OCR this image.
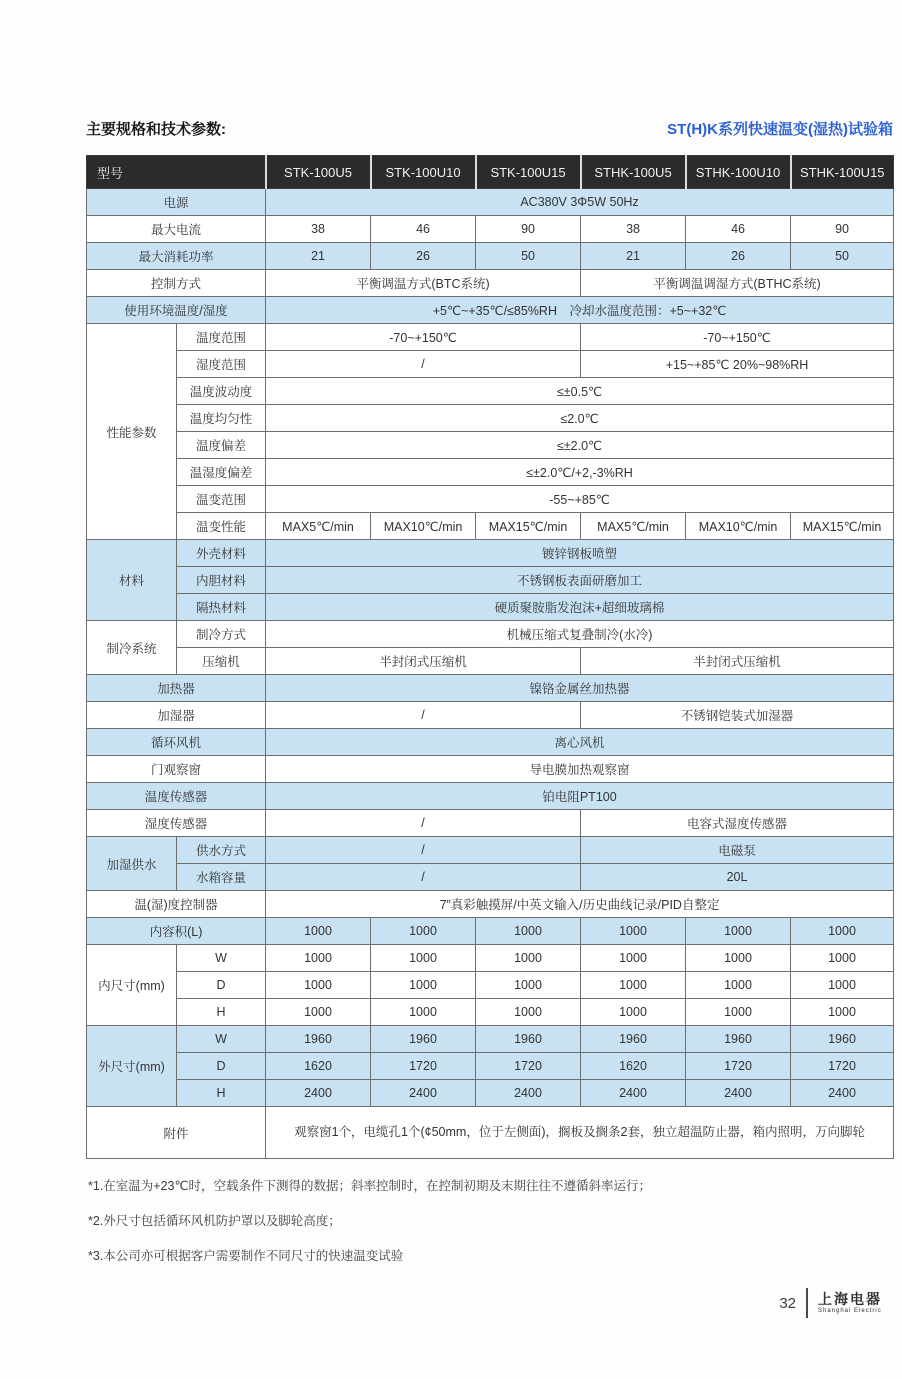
主要规格和技术参数:	ST(H)K系列快速温变(湿热)试验箱
型号		STK-100U5	STK-100U10	STK-100U15	STHK-100U5	STHK-100U10	STHK-100U15
电源		AC380V 3Φ5W 50Hz					
最大电流		38	46	90	38	46	90
最大消耗功率		21	26	50	21	26	50
控制方式		平衡调温方式(BTC系统)			平衡调温调湿方式(BTHC系统)		
使用环境温度/湿度		+5℃~+35℃/≤85%RH　冷却水温度范围：+5~+32℃					
性能参数	温度范围	-70~+150℃			-70~+150℃		
	湿度范围	/			+15~+85℃ 20%~98%RH		
	温度波动度	≤±0.5℃					
	温度均匀性	≤2.0℃					
	温度偏差	≤±2.0℃					
	温湿度偏差	≤±2.0℃/+2,-3%RH					
	温变范围	-55~+85℃					
	温变性能	MAX5℃/min	MAX10℃/min	MAX15℃/min	MAX5℃/min	MAX10℃/min	MAX15℃/min
材料	外壳材料	镀锌钢板喷塑					
	内胆材料	不锈钢板表面研磨加工					
	隔热材料	硬质聚胺脂发泡沫+超细玻璃棉					
制冷系统	制冷方式	机械压缩式复叠制冷(水冷)					
	压缩机	半封闭式压缩机			半封闭式压缩机		
加热器		镍铬金属丝加热器					
加湿器		/			不锈钢铠装式加湿器		
循环风机		离心风机					
门观察窗		导电膜加热观察窗					
温度传感器		铂电阻PT100					
湿度传感器		/			电容式湿度传感器		
加湿供水	供水方式	/			电磁泵		
	水箱容量	/			20L		
温(湿)度控制器		7”真彩触摸屏/中英文输入/历史曲线记录/PID自整定					
内容积(L)		1000	1000	1000	1000	1000	1000
内尺寸(mm)	W	1000	1000	1000	1000	1000	1000
	D	1000	1000	1000	1000	1000	1000
	H	1000	1000	1000	1000	1000	1000
外尺寸(mm)	W	1960	1960	1960	1960	1960	1960
	D	1620	1720	1720	1620	1720	1720
	H	2400	2400	2400	2400	2400	2400
附件		观察窗1个，电缆孔1个(¢50mm，位于左侧面)，搁板及搁条2套，独立超温防止器，箱内照明，万向脚轮					
*1.在室温为+23℃时，空载条件下测得的数据；斜率控制时，在控制初期及末期往往不遵循斜率运行；
*2.外尺寸包括循环风机防护罩以及脚轮高度；
*3.本公司亦可根据客户需要制作不同尺寸的快速温变试验
32 上海电器
Shanghai Electric
